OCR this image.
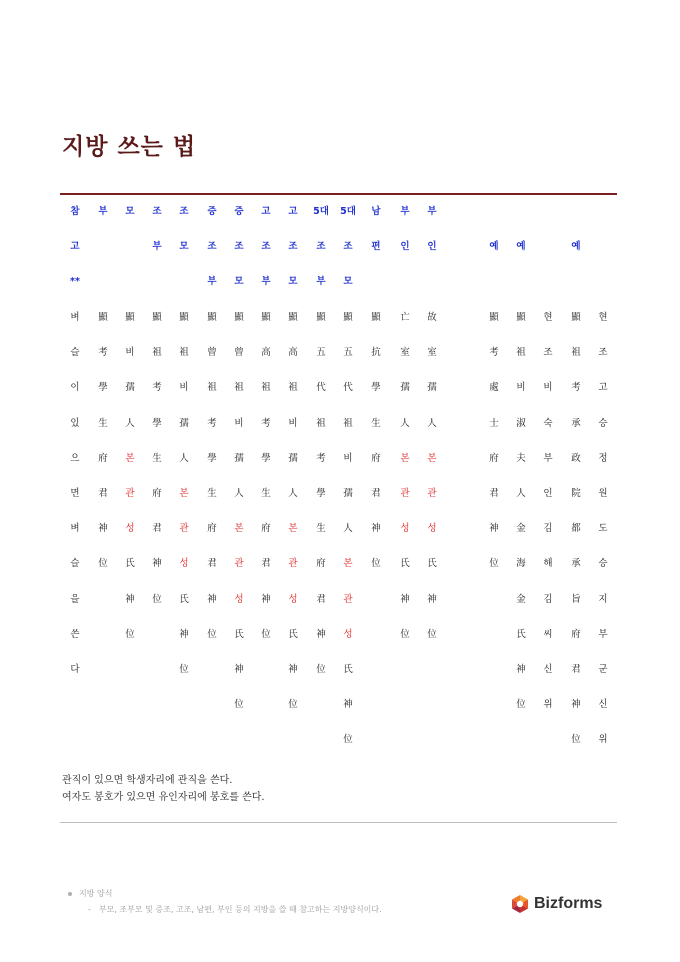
지방 쓰는 법
참
고
**
벼
슬
이
있
으
면
벼
슬
을
쓴
다
부
顯
考
學
生
府
君
神
位
모
顯
비
孺
人
본
관
성
氏
神
位
조
부
顯
祖
考
學
生
府
君
神
位
조
모
顯
祖
비
孺
人
본
관
성
氏
神
位
증
조
부
顯
曾
祖
考
學
生
府
君
神
位
증
조
모
顯
曾
祖
비
孺
人
본
관
성
氏
神
位
고
조
부
顯
高
祖
考
學
生
府
君
神
位
고
조
모
顯
高
祖
비
孺
人
본
관
성
氏
神
位
5대
조
부
顯
五
代
祖
考
學
生
府
君
神
位
5대
조
모
顯
五
代
祖
비
孺
人
본
관
성
氏
神
位
남
편
顯
抗
學
生
府
君
神
位
부
인
亡
室
孺
人
본
관
성
氏
神
位
부
인
故
室
孺
人
본
관
성
氏
神
位
예
顯
考
處
士
府
君
神
位
예
顯
祖
비
淑
夫
人
金
海
金
氏
神
位
현
조
비
숙
부
인
김
해
김
씨
신
위
예
顯
祖
考
承
政
院
都
承
旨
府
君
神
位
현
조
고
승
정
원
도
승
지
부
군
신
위
관직이 있으면 학생자리에 관직을 쓴다.
여자도 봉호가 있으면 유인자리에 봉호를 쓴다.
지방 양식
- 부모, 조부모 및 증조, 고조, 남편, 부인 등의 지방을 쓸 때 참고하는 지방양식이다.	Bizforms
